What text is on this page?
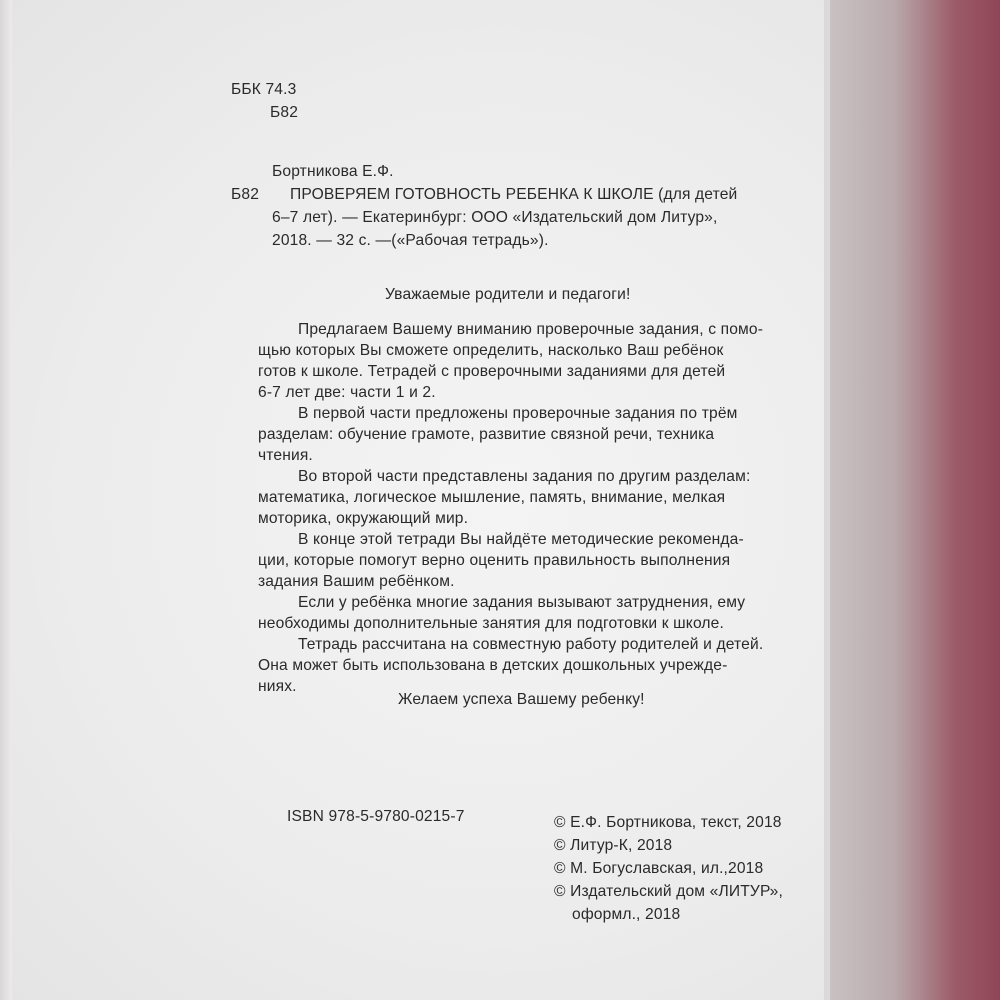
ББК 74.3
Б82
Бортникова Е.Ф.
Б82 ПРОВЕРЯЕМ ГОТОВНОСТЬ РЕБЕНКА К ШКОЛЕ (для детей
6–7 лет). — Екатеринбург: ООО «Издательский дом Литур»,
2018. — 32 с. —(«Рабочая тетрадь»).
Уважаемые родители и педагоги!
Предлагаем Вашему вниманию проверочные задания, с помо-
щью которых Вы сможете определить, насколько Ваш ребёнок
готов к школе. Тетрадей с проверочными заданиями для детей
6-7 лет две: части 1 и 2.
В первой части предложены проверочные задания по трём
разделам: обучение грамоте, развитие связной речи, техника
чтения.
Во второй части представлены задания по другим разделам:
математика, логическое мышление, память, внимание, мелкая
моторика, окружающий мир.
В конце этой тетради Вы найдёте методические рекоменда-
ции, которые помогут верно оценить правильность выполнения
задания Вашим ребёнком.
Если у ребёнка многие задания вызывают затруднения, ему
необходимы дополнительные занятия для подготовки к школе.
Тетрадь рассчитана на совместную работу родителей и детей.
Она может быть использована в детских дошкольных учрежде-
ниях.
Желаем успеха Вашему ребенку!
ISBN 978-5-9780-0215-7	© Е.Ф. Бортникова, текст, 2018
© Литур-К, 2018
© М. Богуславская, ил.,2018
© Издательский дом «ЛИТУР»,
оформл., 2018
